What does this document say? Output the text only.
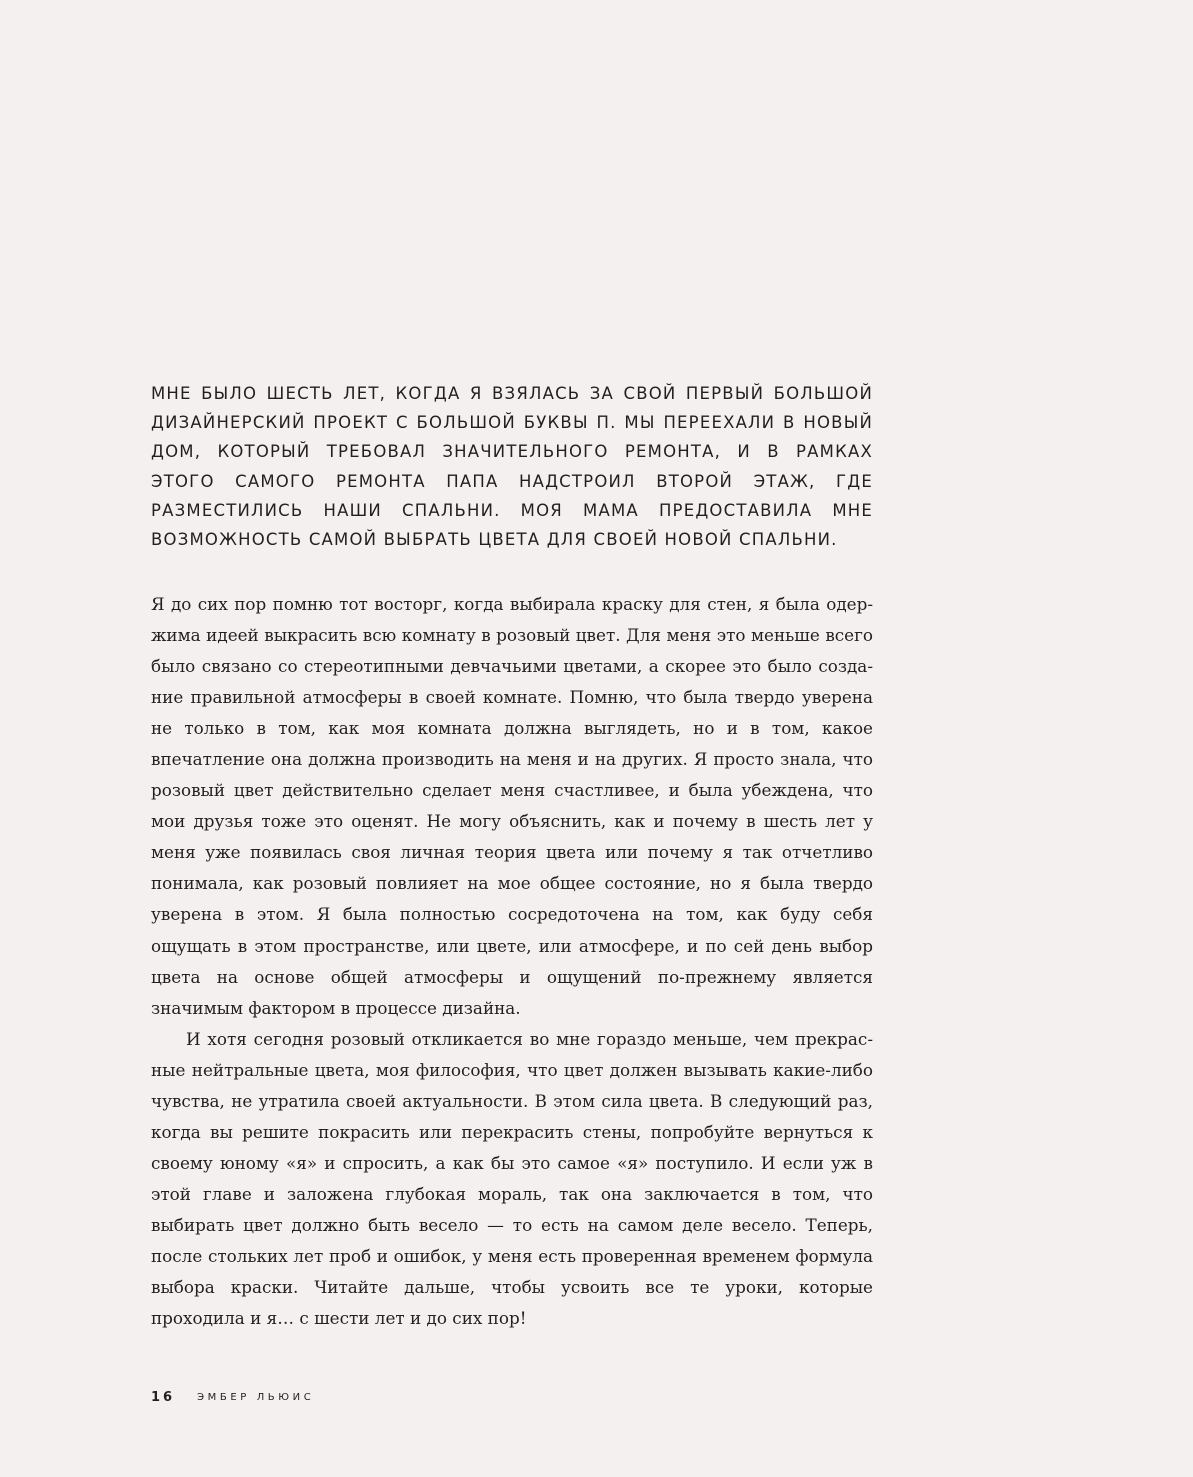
МНЕ БЫЛО ШЕСТЬ ЛЕТ, КОГДА Я ВЗЯЛАСЬ ЗА СВОЙ ПЕРВЫЙ БОЛЬШОЙ ДИЗАЙНЕРСКИЙ ПРОЕКТ С БОЛЬШОЙ БУКВЫ П. МЫ ПЕРЕЕХАЛИ В НОВЫЙ ДОМ, КОТОРЫЙ ТРЕБОВАЛ ЗНАЧИТЕЛЬНОГО РЕМОНТА, И В РАМКАХ ЭТОГО САМОГО РЕМОНТА ПАПА НАДСТРОИЛ ВТОРОЙ ЭТАЖ, ГДЕ РАЗМЕСТИЛИСЬ НАШИ СПАЛЬНИ. МОЯ МАМА ПРЕДОСТАВИЛА МНЕ ВОЗМОЖНОСТЬ САМОЙ ВЫБРАТЬ ЦВЕТА ДЛЯ СВОЕЙ НОВОЙ СПАЛЬНИ.

Я до сих пор помню тот восторг, когда выбирала краску для стен, я была одержима идеей выкрасить всю комнату в розовый цвет. Для меня это меньше всего было связано со стереотипными девчачьими цветами, а скорее это было создание правильной атмосферы в своей комнате. Помню, что была твердо уверена не только в том, как моя комната должна выглядеть, но и в том, какое впечатление она должна производить на меня и на других. Я просто знала, что розовый цвет действительно сделает меня счастливее, и была убеждена, что мои друзья тоже это оценят. Не могу объяснить, как и почему в шесть лет у меня уже появилась своя личная теория цвета или почему я так отчетливо понимала, как розовый повлияет на мое общее состояние, но я была твердо уверена в этом. Я была полностью сосредоточена на том, как буду себя ощущать в этом пространстве, или цвете, или атмосфере, и по сей день выбор цвета на основе общей атмосферы и ощущений по-прежнему является значимым фактором в процессе дизайна.

И хотя сегодня розовый откликается во мне гораздо меньше, чем прекрасные нейтральные цвета, моя философия, что цвет должен вызывать какие-либо чувства, не утратила своей актуальности. В этом сила цвета. В следующий раз, когда вы решите покрасить или перекрасить стены, попробуйте вернуться к своему юному «я» и спросить, а как бы это самое «я» поступило. И если уж в этой главе и заложена глубокая мораль, так она заключается в том, что выбирать цвет должно быть весело — то есть на самом деле весело. Теперь, после стольких лет проб и ошибок, у меня есть проверенная временем формула выбора краски. Читайте дальше, чтобы усвоить все те уроки, которые проходила и я… с шести лет и до сих пор!

16 ЭМБЕР ЛЬЮИС
